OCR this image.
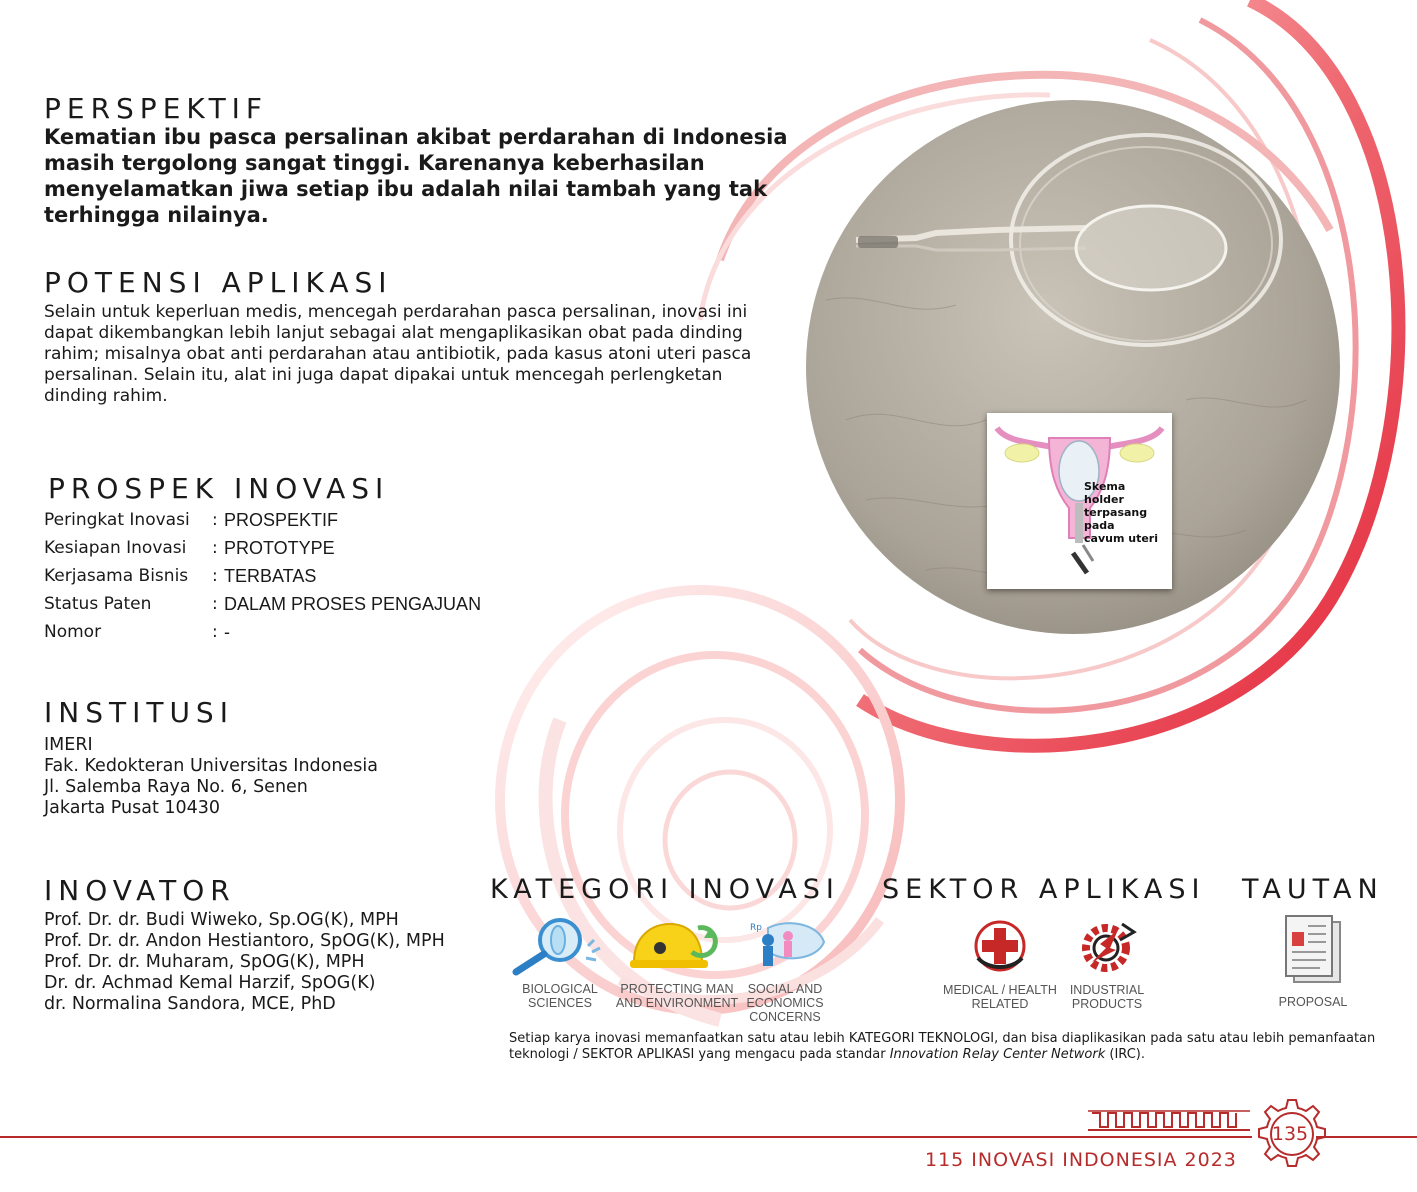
PERSPEKTIF

Kematian ibu pasca persalinan akibat perdarahan di Indonesia masih tergolong sangat tinggi. Karenanya keberhasilan menyelamatkan jiwa setiap ibu adalah nilai tambah yang tak terhingga nilainya.

POTENSI APLIKASI

Selain untuk keperluan medis, mencegah perdarahan pasca persalinan, inovasi ini dapat dikembangkan lebih lanjut sebagai alat mengaplikasikan obat pada dinding rahim; misalnya obat anti perdarahan atau antibiotik, pada kasus atoni uteri pasca persalinan. Selain itu, alat ini juga dapat dipakai untuk mencegah perlengketan dinding rahim.

PROSPEK INOVASI
Peringkat Inovasi	: PROSPEKTIF
Kesiapan Inovasi	: PROTOTYPE
Kerjasama Bisnis	: TERBATAS
Status Paten	: DALAM PROSES PENGAJUAN
Nomor	: -
INSTITUSI
IMERI
Fak. Kedokteran Universitas Indonesia
Jl. Salemba Raya No. 6, Senen
Jakarta Pusat 10430
INOVATOR
Prof. Dr. dr. Budi Wiweko, Sp.OG(K), MPH
Prof. Dr. dr. Andon Hestiantoro, SpOG(K), MPH
Prof. Dr. dr. Muharam, SpOG(K), MPH
Dr. dr. Achmad Kemal Harzif, SpOG(K)
dr. Normalina Sandora, MCE, PhD
Skema
holder
terpasang
pada
cavum uteri
KATEGORI INOVASI SEKTOR APLIKASI TAUTAN
Rp
BIOLOGICAL
SCIENCES
PROTECTING MAN
AND ENVIRONMENT
SOCIAL AND
ECONOMICS
CONCERNS
MEDICAL / HEALTH
RELATED
INDUSTRIAL
PRODUCTS	PROPOSAL

Setiap karya inovasi memanfaatkan satu atau lebih KATEGORI TEKNOLOGI, dan bisa diaplikasikan pada satu atau lebih pemanfaatan teknologi / SEKTOR APLIKASI yang mengacu pada standar Innovation Relay Center Network (IRC).

135
115 INOVASI INDONESIA 2023
